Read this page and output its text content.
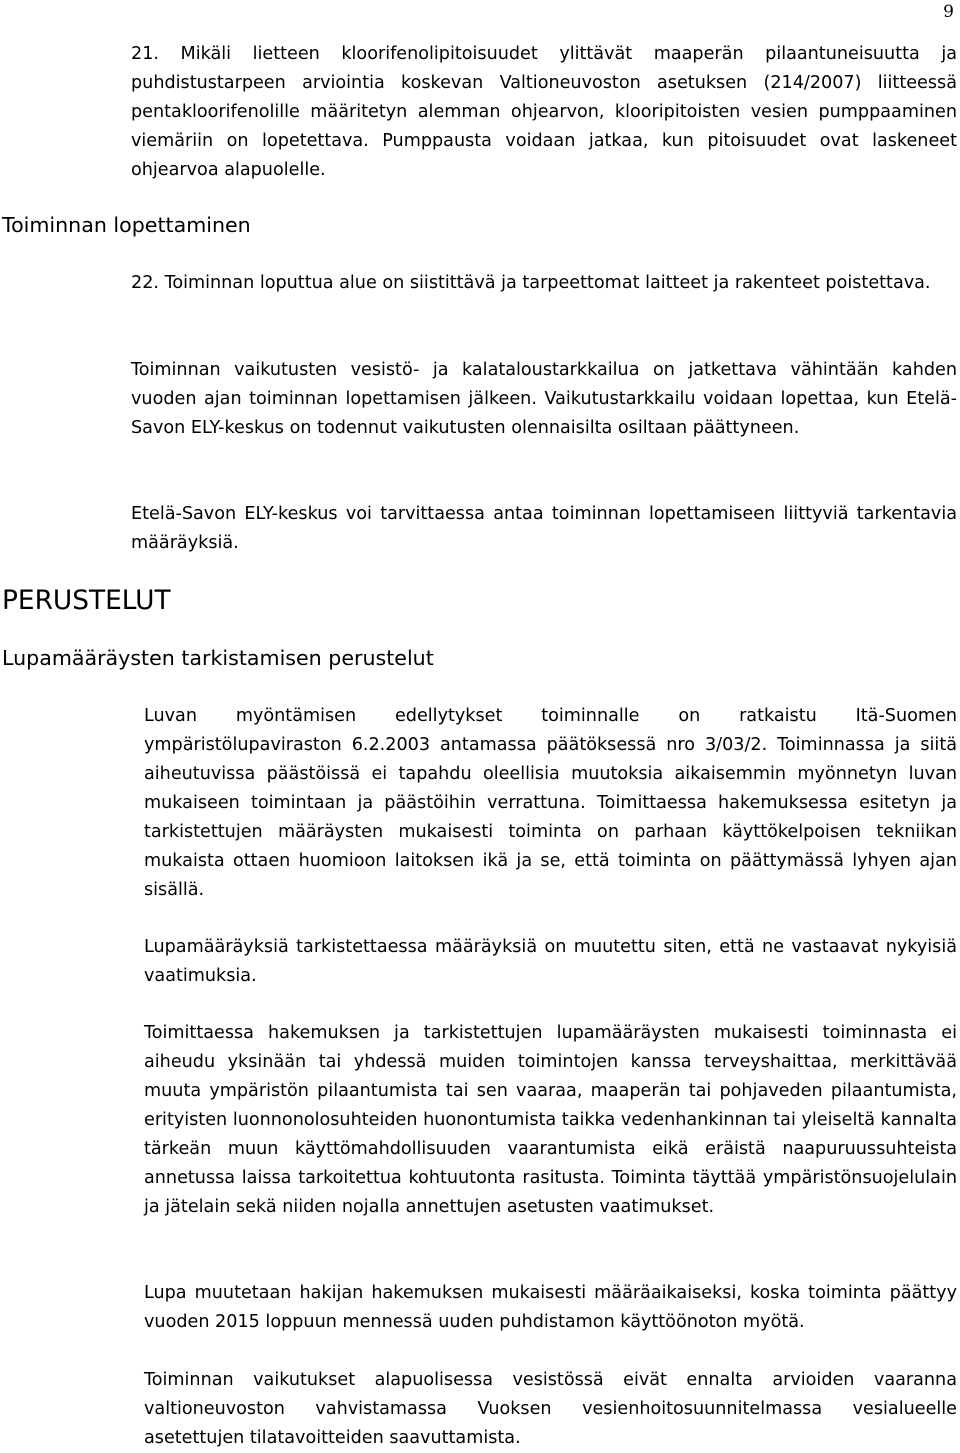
9

21. Mikäli lietteen kloorifenolipitoisuudet ylittävät maaperän pilaantuneisuutta ja puhdistustarpeen arviointia koskevan Valtioneuvoston asetuksen (214/2007) liitteessä pentakloorifenolille määritetyn alemman ohjearvon, klooripitoisten vesien pumppaaminen viemäriin on lopetettava. Pumppausta voidaan jatkaa, kun pitoisuudet ovat laskeneet ohjearvoa alapuolelle.

Toiminnan lopettaminen

22. Toiminnan loputtua alue on siistittävä ja tarpeettomat laitteet ja rakenteet poistettava.

Toiminnan vaikutusten vesistö- ja kalataloustarkkailua on jatkettava vähintään kahden vuoden ajan toiminnan lopettamisen jälkeen. Vaikutustarkkailu voidaan lopettaa, kun Etelä-Savon ELY-keskus on todennut vaikutusten olennaisilta osiltaan päättyneen.

Etelä-Savon ELY-keskus voi tarvittaessa antaa toiminnan lopettamiseen liittyviä tarkentavia määräyksiä.

PERUSTELUT
Lupamääräysten tarkistamisen perustelut

Luvan myöntämisen edellytykset toiminnalle on ratkaistu Itä-Suomen ympäristölupaviraston 6.2.2003 antamassa päätöksessä nro 3/03/2. Toiminnassa ja siitä aiheutuvissa päästöissä ei tapahdu oleellisia muutoksia aikaisemmin myönnetyn luvan mukaiseen toimintaan ja päästöihin verrattuna. Toimittaessa hakemuksessa esitetyn ja tarkistettujen määräysten mukaisesti toiminta on parhaan käyttökelpoisen tekniikan mukaista ottaen huomioon laitoksen ikä ja se, että toiminta on päättymässä lyhyen ajan sisällä.

Lupamääräyksiä tarkistettaessa määräyksiä on muutettu siten, että ne vastaavat nykyisiä vaatimuksia.

Toimittaessa hakemuksen ja tarkistettujen lupamääräysten mukaisesti toiminnasta ei aiheudu yksinään tai yhdessä muiden toimintojen kanssa terveyshaittaa, merkittävää muuta ympäristön pilaantumista tai sen vaaraa, maaperän tai pohjaveden pilaantumista, erityisten luonnonolosuhteiden huonontumista taikka vedenhankinnan tai yleiseltä kannalta tärkeän muun käyttömahdollisuuden vaarantumista eikä eräistä naapuruussuhteista annetussa laissa tarkoitettua kohtuutonta rasitusta. Toiminta täyttää ympäristönsuojelulain ja jätelain sekä niiden nojalla annettujen asetusten vaatimukset.

Lupa muutetaan hakijan hakemuksen mukaisesti määräaikaiseksi, koska toiminta päättyy vuoden 2015 loppuun mennessä uuden puhdistamon käyttöönoton myötä.

Toiminnan vaikutukset alapuolisessa vesistössä eivät ennalta arvioiden vaaranna valtioneuvoston vahvistamassa Vuoksen vesienhoitosuunnitelmassa vesialueelle asetettujen tilatavoitteiden saavuttamista.
